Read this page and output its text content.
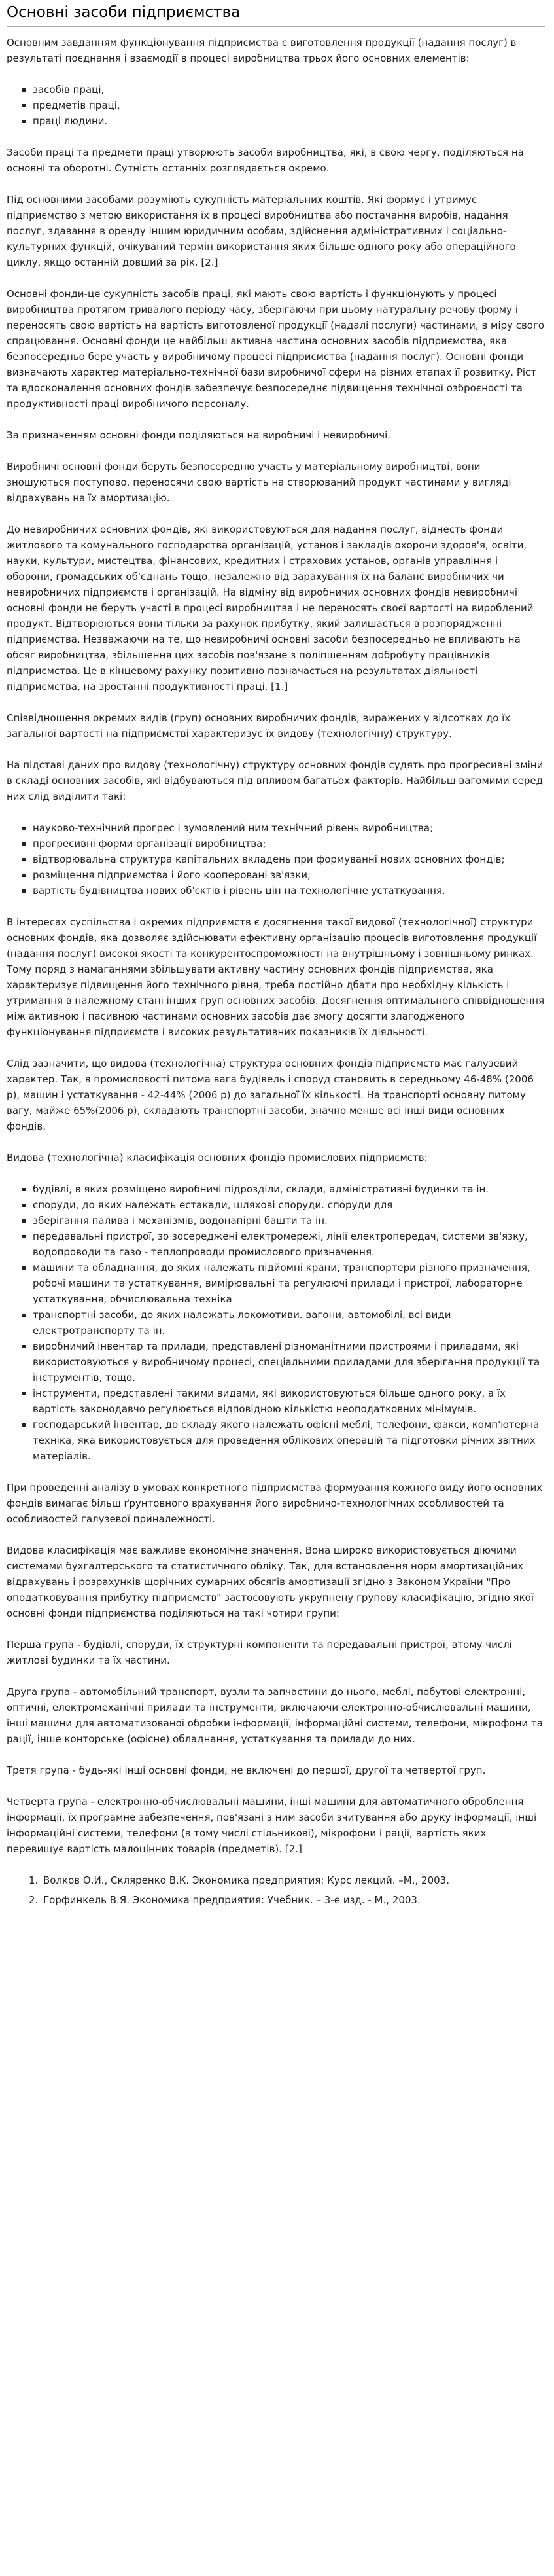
Основні засоби підприємства

Основним завданням функціонування підприємства є виготовлення продукції (надання послуг) в результаті поєднання і взаємодії в процесі виробництва трьох його основних елементів:

засобів праці,
предметів праці,
праці людини.

Засоби праці та предмети праці утворюють засоби виробництва, які, в свою чергу, поділяються на основні та оборотні. Сутність останніх розглядається окремо.

Під основними засобами розуміють сукупність матеріальних коштів. Які формує і утримує підприємство з метою використання їх в процесі виробництва або постачання виробів, надання послуг, здавання в оренду іншим юридичним особам, здійснення адміністративних і соціально-культурних функцій, очікуваний термін використання яких більше одного року або операційного циклу, якщо останній довший за рік. [2.]

Основні фонди-це сукупність засобів праці, які мають свою вартість і функціонують у процесі виробництва протягом тривалого періоду часу, зберігаючи при цьому натуральну речову форму і переносять свою вартість на вартість виготовленої продукції (надалі послуги) частинами, в міру свого спрацювання. Основні фонди це найбільш активна частина основних засобів підприємства, яка безпосередньо бере участь у виробничому процесі підприємства (надання послуг). Основні фонди визначають характер матеріально-технічної бази виробничої сфери на різних етапах її розвитку. Ріст та вдосконалення основних фондів забезпечує безпосереднє підвищення технічної озброєності та продуктивності праці виробничого персоналу.

За призначенням основні фонди поділяються на виробничі і невиробничі.

Виробничі основні фонди беруть безпосередню участь у матеріальному виробництві, вони зношуються поступово, переносячи свою вартість на створюваний продукт частинами у вигляді відрахувань на їх амортизацію.

До невиробничих основних фондів, які використовуються для надання послуг, віднесть фонди житлового та комунального господарства організацій, установ і закладів охорони здоров'я, освіти, науки, культури, мистецтва, фінансових, кредитних і страхових установ, органів управління і оборони, громадських об'єднань тощо, незалежно від зарахування їх на баланс виробничих чи невиробничих підприємств і організацій. На відміну від виробничих основних фондів невиробничі основні фонди не беруть участі в процесі виробництва і не переносять своєї вартості на вироблений продукт. Відтворюються вони тільки за рахунок прибутку, який залишається в розпорядженні підприємства. Незважаючи на те, що невиробничі основні засоби безпосередньо не впливають на обсяг виробництва, збільшення цих засобів пов'язане з поліпшенням добробуту працівників підприємства. Це в кінцевому рахунку позитивно позначається на результатах діяльності підприємства, на зростанні продуктивності праці. [1.]

Співвідношення окремих видів (груп) основних виробничих фондів, виражених у відсотках до їх загальної вартості на підприємстві характеризує їх видову (технологічну) структуру.

На підставі даних про видову (технологічну) структуру основних фондів судять про прогресивні зміни в складі основних засобів, які відбуваються під впливом багатьох факторів. Найбільш вагомими серед них слід виділити такі:

науково-технічний прогрес і зумовлений ним технічний рівень виробництва;
прогресивні форми організації виробництва;
відтворювальна структура капітальних вкладень при формуванні нових основних фондів;
розміщення підприємства і його кооперовані зв'язки;
вартість будівництва нових об'єктів і рівень цін на технологічне устаткування.

В інтересах суспільства і окремих підприємств є досягнення такої видової (технологічної) структури основних фондів, яка дозволяє здійснювати ефективну організацію процесів виготовлення продукції (надання послуг) високої якості та конкурентоспроможності на внутрішньому і зовнішньому ринках. Тому поряд з намаганнями збільшувати активну частину основних фондів підприємства, яка характеризує підвищення його технічного рівня, треба постійно дбати про необхідну кількість і утримання в належному стані інших груп основних засобів. Досягнення оптимального співвідношення між активною і пасивною частинами основних засобів дає змогу досягти злагодженого функціонування підприємств і високих результативних показників їх діяльності.

Слід зазначити, що видова (технологічна) структура основних фондів підприємств має галузевий характер. Так, в промисловості питома вага будівель і споруд становить в середньому 46-48% (2006 р), машин і устаткування - 42-44% (2006 р) до загальної їх кількості. На транспорті основну питому вагу, майже 65%(2006 р), складають транспортні засоби, значно менше всі інші види основних фондів.

Видова (технологічна) класифікація основних фондів промислових підприємств:

будівлі, в яких розміщено виробничі підрозділи, склади, адміністративні будинки та ін.
споруди, до яких належать естакади, шляхові споруди. споруди для
зберігання палива і механізмів, водонапірні башти та ін.
передавальні пристрої, зо зосереджені електромережі, лінії електропередач, системи зв'язку, водопроводи та газо - теплопроводи промислового призначення.
машини та обладнання, до яких належать підйомні крани, транспортери різного призначення, робочі машини та устаткування, вимірювальні та регулюючі прилади і пристрої, лабораторне устаткування, обчислювальна техніка
транспортні засоби, до яких належать локомотиви. вагони, автомобілі, всі види електротранспорту та ін.
виробничий інвентар та прилади, представлені різноманітними пристроями і приладами, які використовуються у виробничому процесі, спеціальними приладами для зберігання продукції та інструментів, тощо.
інструменти, представлені такими видами, які використовуються більше одного року, а їх вартість законодавчо регулюється відповідною кількістю неоподатковних мінімумів.
господарський інвентар, до складу якого належать офісні меблі, телефони, факси, комп'ютерна техніка, яка використовується для проведення облікових операцій та підготовки річних звітних матеріалів.

При проведенні аналізу в умовах конкретного підприємства формування кожного виду його основних фондів вимагає більш ґрунтовного врахування його виробничо-технологічних особливостей та особливостей галузевої приналежності.

Видова класифікація має важливе економічне значення. Вона широко використовується діючими системами бухгалтерського та статистичного обліку. Так, для встановлення норм амортизаційних відрахувань і розрахунків щорічних сумарних обсягів амортизації згідно з Законом України "Про оподатковування прибутку підприємств" застосовують укрупнену групову класифікацію, згідно якої основні фонди підприємства поділяються на такі чотири групи:

Перша група - будівлі, споруди, їх структурні компоненти та передавальні пристрої, втому числі житлові будинки та їх частини.

Друга група - автомобільний транспорт, вузли та запчастини до нього, меблі, побутові електронні, оптичні, електромеханічні прилади та інструменти, включаючи електронно-обчислювальні машини, інші машини для автоматизованої обробки інформації, інформаційні системи, телефони, мікрофони та рації, інше конторське (офісне) обладнання, устаткування та прилади до них.

Третя група - будь-які інші основні фонди, не включені до першої, другої та четвертої груп.

Четверта група - електронно-обчислювальні машини, інші машини для автоматичного оброблення інформації, їх програмне забезпечення, пов'язані з ним засоби зчитування або друку інформації, інші інформаційні системи, телефони (в тому числі стільникові), мікрофони і рації, вартість яких перевищує вартість малоцінних товарів (предметів). [2.]

Волков О.И., Скляренко В.К. Экономика предприятия: Курс лекций. –М., 2003.
Горфинкель В.Я. Экономика предприятия: Учебник. – 3-е изд. - М., 2003.
